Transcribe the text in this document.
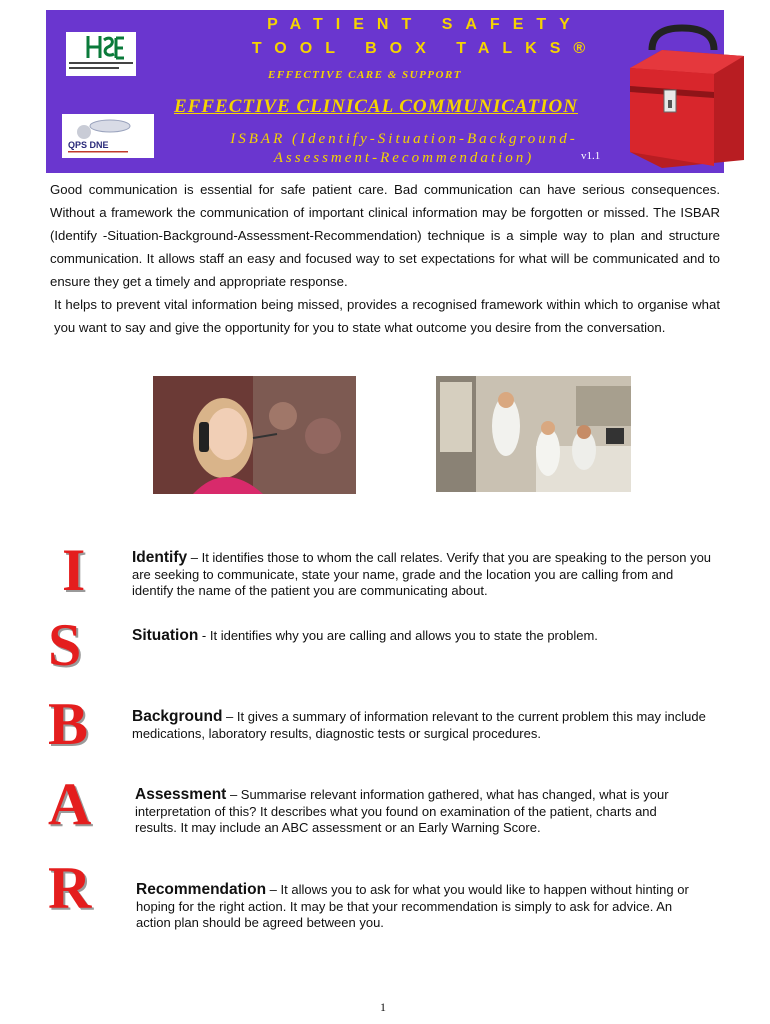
PATIENT SAFETY
TOOL BOX TALKS®
EFFECTIVE CARE & SUPPORT
EFFECTIVE CLINICAL COMMUNICATION
ISBAR (Identify-Situation-Background-Assessment-Recommendation)	v1.1
QPS DNE

Good communication is essential for safe patient care. Bad communication can have serious consequences. Without a framework the communication of important clinical information may be forgotten or missed. The ISBAR (Identify -Situation-Background-Assessment-Recommendation) technique is a simple way to plan and structure communication. It allows staff an easy and focused way to set expectations for what will be communicated and to ensure they get a timely and appropriate response.

It helps to prevent vital information being missed, provides a recognised framework within which to organise what you want to say and give the opportunity for you to state what outcome you desire from the conversation.

I
S
B
A
R
Identify – It identifies those to whom the call relates. Verify that you are speaking to the person you are seeking to communicate, state your name, grade and the location you are calling from and identify the name of the patient you are communicating about.
Situation - It identifies why you are calling and allows you to state the problem.
Background – It gives a summary of information relevant to the current problem this may include medications, laboratory results, diagnostic tests or surgical procedures.
Assessment – Summarise relevant information gathered, what has changed, what is your interpretation of this? It describes what you found on examination of the patient, charts and results. It may include an ABC assessment or an Early Warning Score.
Recommendation – It allows you to ask for what you would like to happen without hinting or hoping for the right action. It may be that your recommendation is simply to ask for advice. An action plan should be agreed between you.
1
